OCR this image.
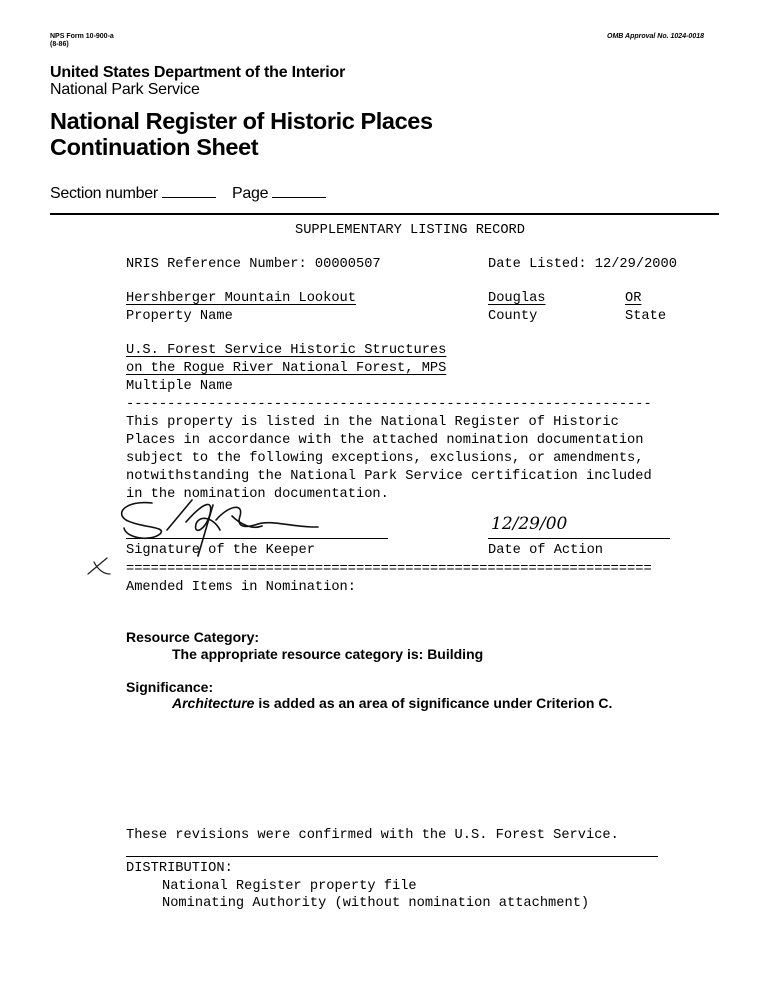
NPS Form 10-900-a
(8-86)
OMB Approval No. 1024-0018
United States Department of the Interior
National Park Service
National Register of Historic Places
Continuation Sheet
Section number	Page
SUPPLEMENTARY LISTING RECORD
NRIS Reference Number: 00000507	Date Listed: 12/29/2000
Hershberger Mountain Lookout	Douglas	OR
Property Name	County	State
U.S. Forest Service Historic Structures
on the Rogue River National Forest, MPS
Multiple Name
----------------------------------------------------------------
This property is listed in the National Register of Historic
Places in accordance with the attached nomination documentation
subject to the following exceptions, exclusions, or amendments,
notwithstanding the National Park Service certification included
in the nomination documentation.
12/29/00
Signature of the Keeper	Date of Action
================================================================
Amended Items in Nomination:
Resource Category:
The appropriate resource category is: Building
Significance:
Architecture is added as an area of significance under Criterion C.
These revisions were confirmed with the U.S. Forest Service.
DISTRIBUTION:
National Register property file
Nominating Authority (without nomination attachment)
